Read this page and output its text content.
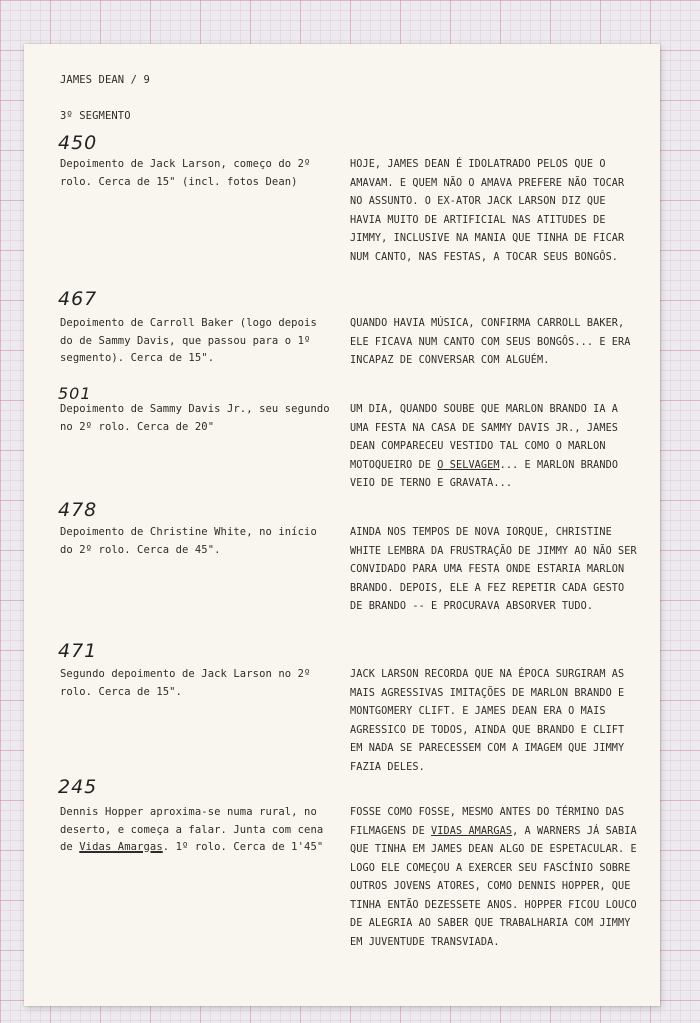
JAMES DEAN / 9
3º SEGMENTO
450
Depoimento de Jack Larson, começo do 2º rolo. Cerca de 15" (incl. fotos Dean)
HOJE, JAMES DEAN É IDOLATRADO PELOS QUE O AMAVAM. E QUEM NÃO O AMAVA PREFERE NÃO TOCAR NO ASSUNTO. O EX-ATOR JACK LARSON DIZ QUE HAVIA MUITO DE ARTIFICIAL NAS ATITUDES DE JIMMY, INCLUSIVE NA MANIA QUE TINHA DE FICAR NUM CANTO, NAS FESTAS, A TOCAR SEUS BONGÔS.
467
Depoimento de Carroll Baker (logo depois do de Sammy Davis, que passou para o 1º segmento). Cerca de 15".
QUANDO HAVIA MÚSICA, CONFIRMA CARROLL BAKER, ELE FICAVA NUM CANTO COM SEUS BONGÔS... E ERA INCAPAZ DE CONVERSAR COM ALGUÉM.
501
Depoimento de Sammy Davis Jr., seu segundo no 2º rolo. Cerca de 20"
UM DIA, QUANDO SOUBE QUE MARLON BRANDO IA A UMA FESTA NA CASA DE SAMMY DAVIS JR., JAMES DEAN COMPARECEU VESTIDO TAL COMO O MARLON MOTOQUEIRO DE O SELVAGEM... E MARLON BRANDO VEIO DE TERNO E GRAVATA...
478
Depoimento de Christine White, no início do 2º rolo. Cerca de 45".
AINDA NOS TEMPOS DE NOVA IORQUE, CHRISTINE WHITE LEMBRA DA FRUSTRAÇÃO DE JIMMY AO NÃO SER CONVIDADO PARA UMA FESTA ONDE ESTARIA MARLON BRANDO. DEPOIS, ELE A FEZ REPETIR CADA GESTO DE BRANDO -- E PROCURAVA ABSORVER TUDO.
471
Segundo depoimento de Jack Larson no 2º rolo. Cerca de 15".
JACK LARSON RECORDA QUE NA ÉPOCA SURGIRAM AS MAIS AGRESSIVAS IMITAÇÕES DE MARLON BRANDO E MONTGOMERY CLIFT. E JAMES DEAN ERA O MAIS AGRESSICO DE TODOS, AINDA QUE BRANDO E CLIFT EM NADA SE PARECESSEM COM A IMAGEM QUE JIMMY FAZIA DELES.
245
Dennis Hopper aproxima-se numa rural, no deserto, e começa a falar. Junta com cena de Vidas Amargas. 1º rolo. Cerca de 1'45"
FOSSE COMO FOSSE, MESMO ANTES DO TÉRMINO DAS FILMAGENS DE VIDAS AMARGAS, A WARNERS JÁ SABIA QUE TINHA EM JAMES DEAN ALGO DE ESPETACULAR. E LOGO ELE COMEÇOU A EXERCER SEU FASCÍNIO SOBRE OUTROS JOVENS ATORES, COMO DENNIS HOPPER, QUE TINHA ENTÃO DEZESSETE ANOS. HOPPER FICOU LOUCO DE ALEGRIA AO SABER QUE TRABALHARIA COM JIMMY EM JUVENTUDE TRANSVIADA.
